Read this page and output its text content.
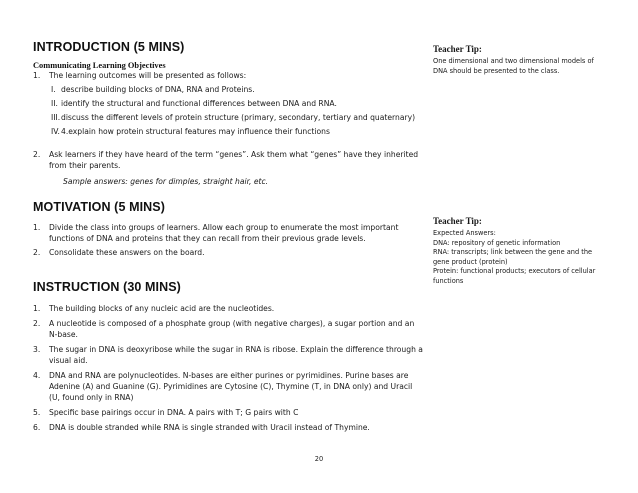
INTRODUCTION (5 MINS)

Communicating Learning Objectives

1. The learning outcomes will be presented as follows:
I. describe building blocks of DNA, RNA and Proteins.
II. identify the structural and functional differences between DNA and RNA.
III. discuss the different levels of protein structure (primary, secondary, tertiary and quaternary)
IV. 4.explain how protein structural features may influence their functions
2. Ask learners if they have heard of the term “genes”. Ask them what “genes” have they inherited from their parents.
Sample answers: genes for dimples, straight hair, etc.
MOTIVATION (5 MINS)
1. Divide the class into groups of learners. Allow each group to enumerate the most important functions of DNA and proteins that they can recall from their previous grade levels.
2. Consolidate these answers on the board.
INSTRUCTION (30 MINS)
1. The building blocks of any nucleic acid are the nucleotides.
2. A nucleotide is composed of a phosphate group (with negative charges), a sugar portion and an N-base.
3. The sugar in DNA is deoxyribose while the sugar in RNA is ribose. Explain the difference through a visual aid.
4. DNA and RNA are polynucleotides. N-bases are either purines or pyrimidines. Purine bases are Adenine (A) and Guanine (G). Pyrimidines are Cytosine (C), Thymine (T, in DNA only) and Uracil (U, found only in RNA)
5. Specific base pairings occur in DNA. A pairs with T; G pairs with C
6. DNA is double stranded while RNA is single stranded with Uracil instead of Thymine.

Teacher Tip:

One dimensional and two dimensional models of
DNA should be presented to the class.

Teacher Tip:

Expected Answers:
DNA: repository of genetic information
RNA: transcripts; link between the gene and the
gene product (protein)
Protein: functional products; executors of cellular
functions
20
